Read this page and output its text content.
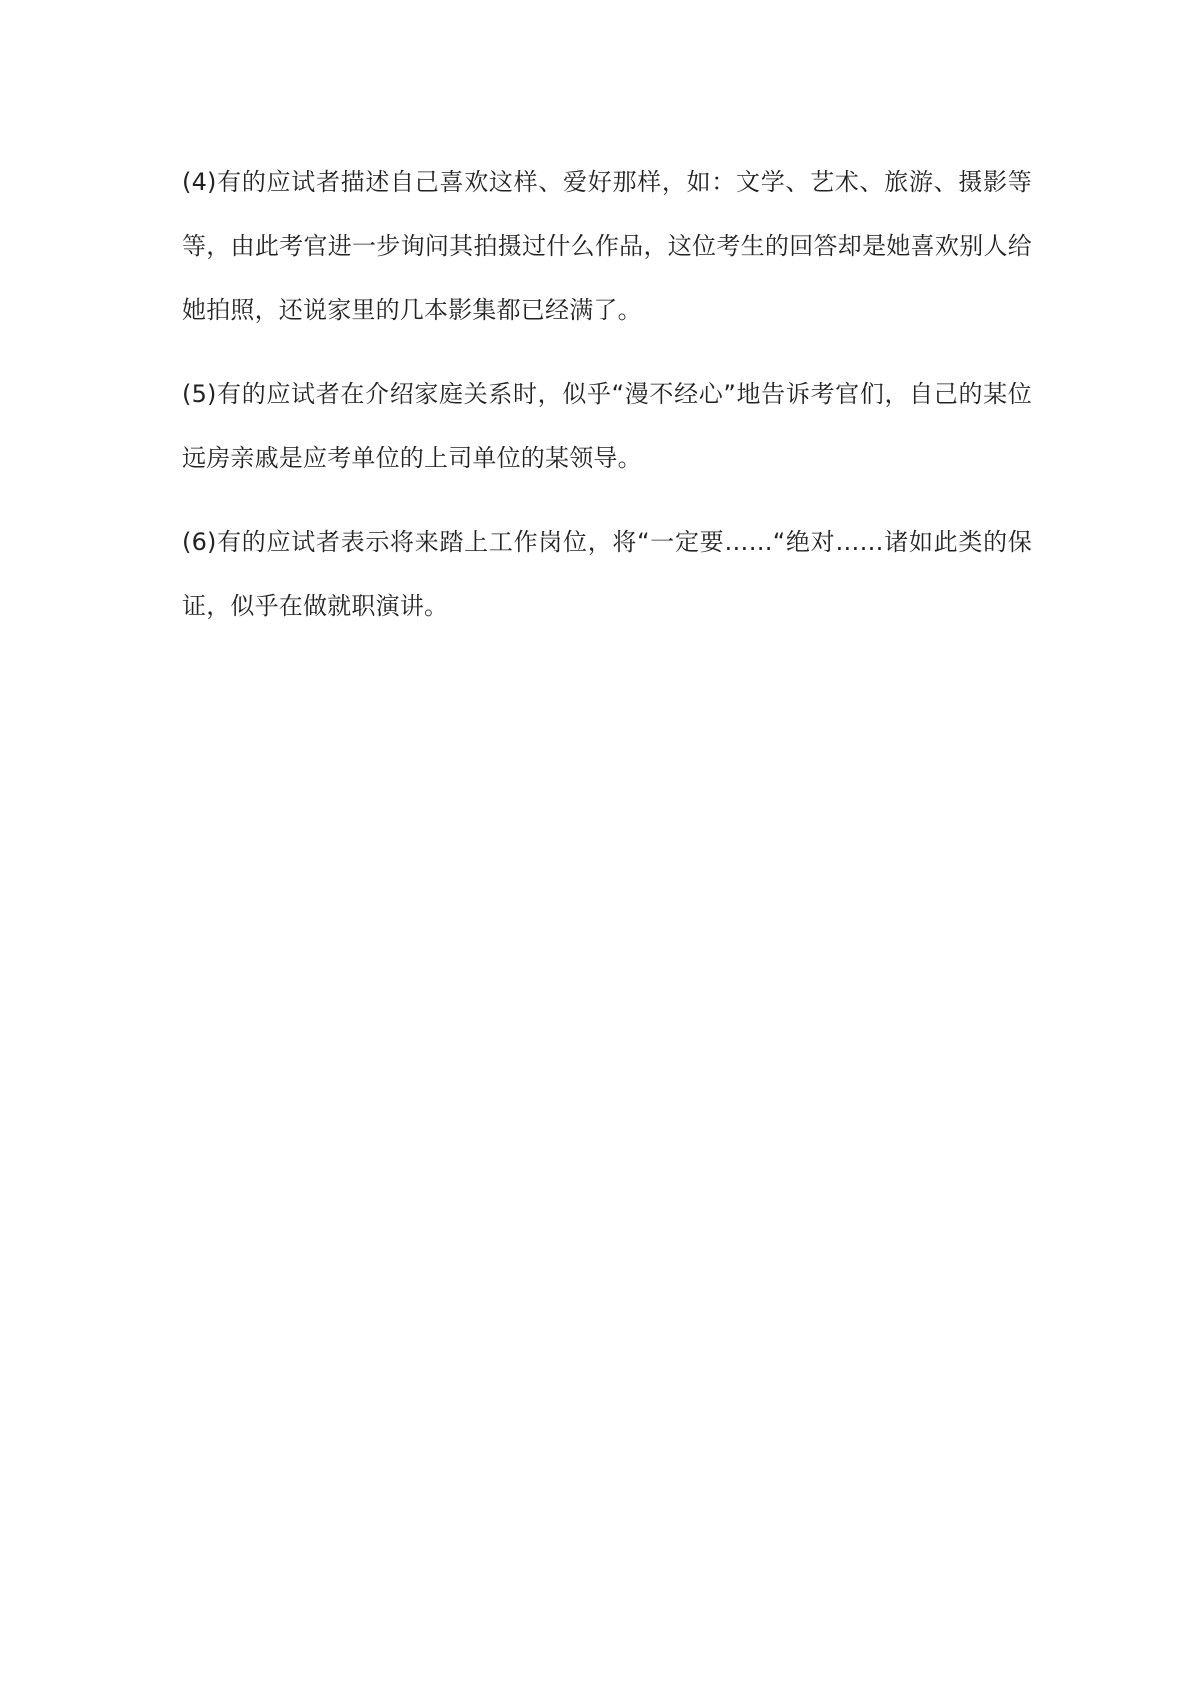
(4)有的应试者描述自己喜欢这样、爱好那样，如：文学、艺术、旅游、摄影等等，由此考官进一步询问其拍摄过什么作品，这位考生的回答却是她喜欢别人给她拍照，还说家里的几本影集都已经满了。

(5)有的应试者在介绍家庭关系时，似乎“漫不经心”地告诉考官们，自己的某位远房亲戚是应考单位的上司单位的某领导。

(6)有的应试者表示将来踏上工作岗位，将“一定要……“绝对……诸如此类的保证，似乎在做就职演讲。
